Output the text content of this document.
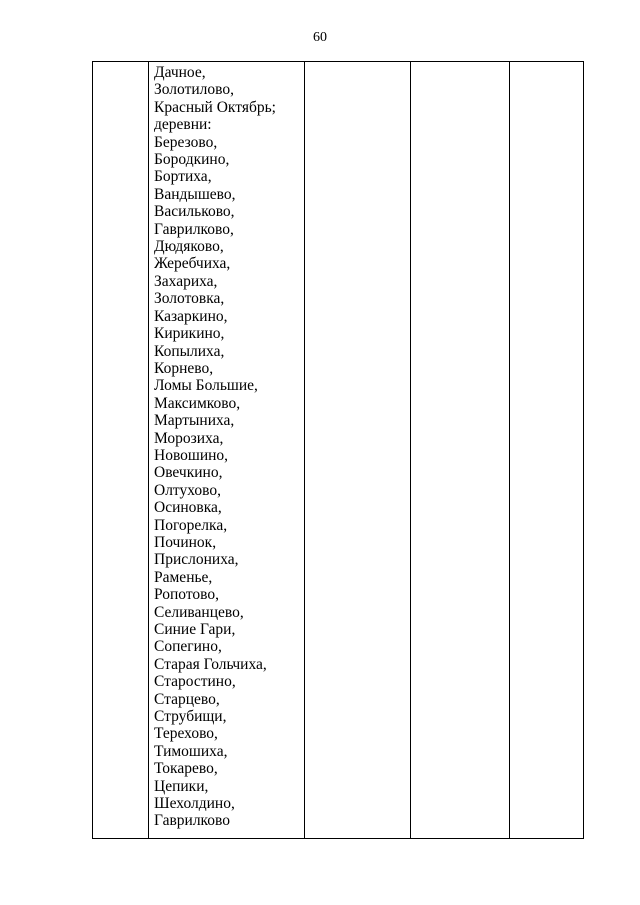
60

Дачное,
Золотилово,
Красный Октябрь;
деревни:
Березово,
Бородкино,
Бортиха,
Вандышево,
Васильково,
Гаврилково,
Дюдяково,
Жеребчиха,
Захариха,
Золотовка,
Казаркино,
Кирикино,
Копылиха,
Корнево,
Ломы Большие,
Максимково,
Мартыниха,
Морозиха,
Новошино,
Овечкино,
Олтухово,
Осиновка,
Погорелка,
Починок,
Прислониха,
Раменье,
Ропотово,
Селиванцево,
Синие Гари,
Сопегино,
Старая Гольчиха,
Старостино,
Старцево,
Струбищи,
Терехово,
Тимошиха,
Токарево,
Цепики,
Шехолдино,
Гаврилково
